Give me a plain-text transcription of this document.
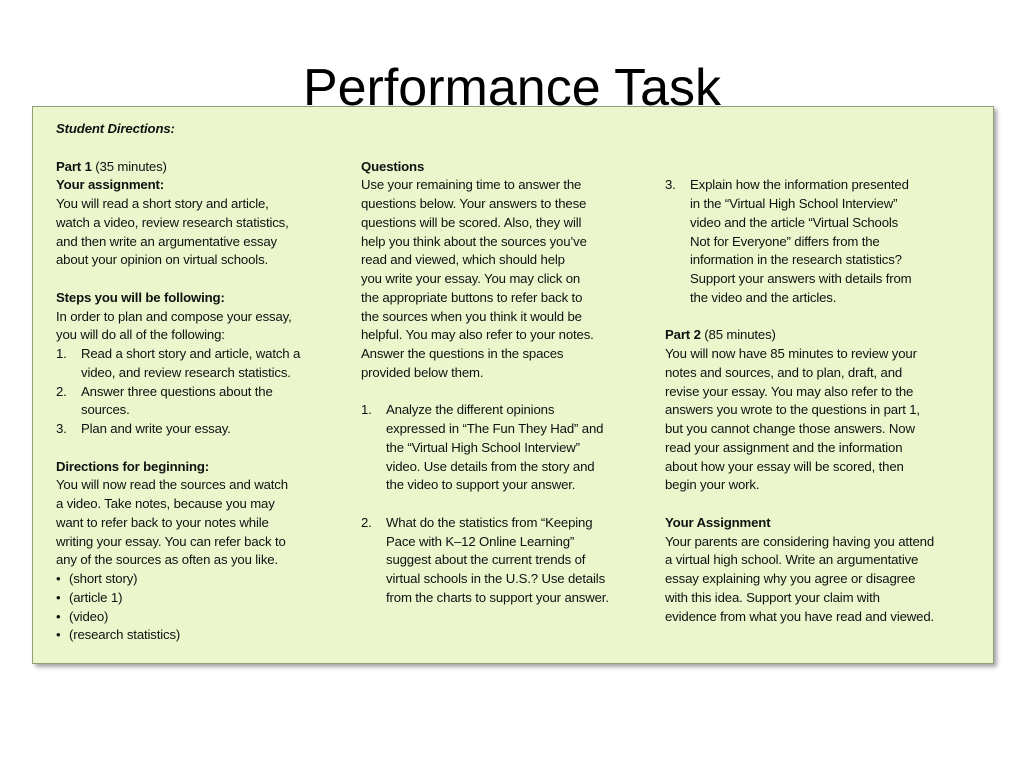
Performance Task
Student Directions:
Part 1 (35 minutes)
Your assignment:
You will read a short story and article,
watch a video, review research statistics,
and then write an argumentative essay
about your opinion on virtual schools.
Steps you will be following:
In order to plan and compose your essay,
you will do all of the following:
1. Read a short story and article, watch a
video, and review research statistics.
2. Answer three questions about the
sources.
3. Plan and write your essay.
Directions for beginning:
You will now read the sources and watch
a video. Take notes, because you may
want to refer back to your notes while
writing your essay. You can refer back to
any of the sources as often as you like.
• (short story)
• (article 1)
• (video)
• (research statistics)
Questions
Use your remaining time to answer the
questions below. Your answers to these
questions will be scored. Also, they will
help you think about the sources you’ve
read and viewed, which should help
you write your essay. You may click on
the appropriate buttons to refer back to
the sources when you think it would be
helpful. You may also refer to your notes.
Answer the questions in the spaces
provided below them.
1. Analyze the different opinions
expressed in “The Fun They Had” and
the “Virtual High School Interview”
video. Use details from the story and
the video to support your answer.
2. What do the statistics from “Keeping
Pace with K–12 Online Learning”
suggest about the current trends of
virtual schools in the U.S.? Use details
from the charts to support your answer.
3. Explain how the information presented
in the “Virtual High School Interview”
video and the article “Virtual Schools
Not for Everyone” differs from the
information in the research statistics?
Support your answers with details from
the video and the articles.
Part 2 (85 minutes)
You will now have 85 minutes to review your
notes and sources, and to plan, draft, and
revise your essay. You may also refer to the
answers you wrote to the questions in part 1,
but you cannot change those answers. Now
read your assignment and the information
about how your essay will be scored, then
begin your work.
Your Assignment
Your parents are considering having you attend
a virtual high school. Write an argumentative
essay explaining why you agree or disagree
with this idea. Support your claim with
evidence from what you have read and viewed.
